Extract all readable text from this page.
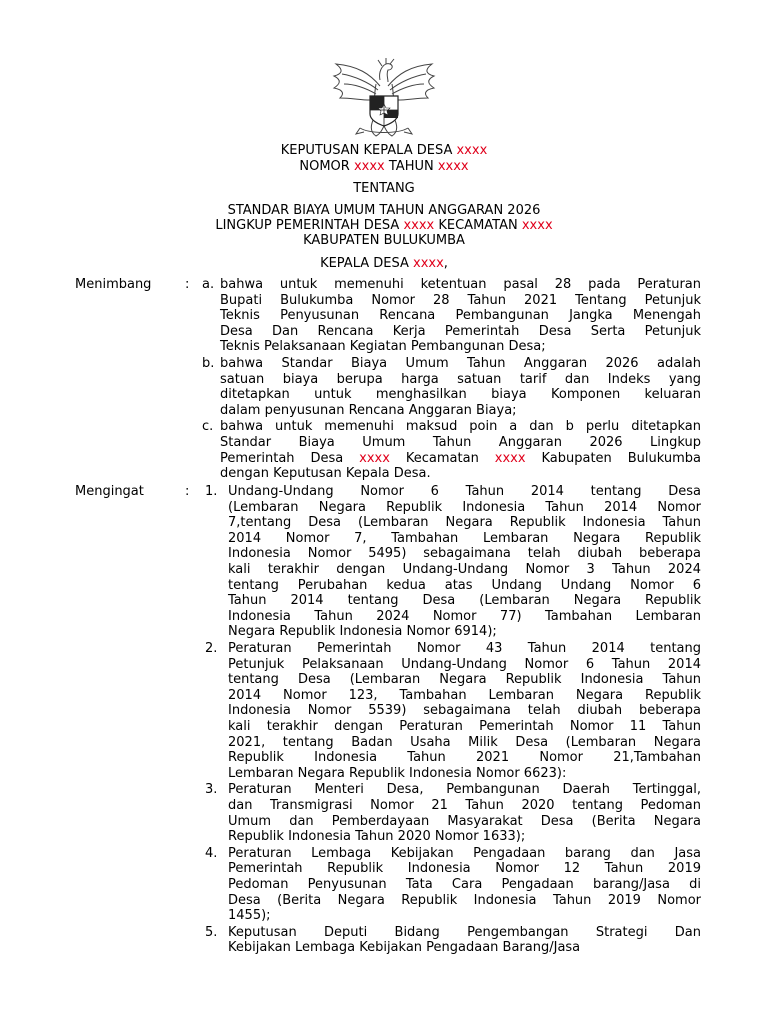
KEPUTUSAN KEPALA DESA xxxx
NOMOR xxxx TAHUN xxxx
TENTANG
STANDAR BIAYA UMUM TAHUN ANGGARAN 2026
LINGKUP PEMERINTAH DESA xxxx KECAMATAN xxxx
KABUPATEN BULUKUMBA
KEPALA DESA xxxx,
Menimbang	: a. bahwa untuk memenuhi ketentuan pasal 28 pada Peraturan
Bupati Bulukumba Nomor 28 Tahun 2021 Tentang Petunjuk
Teknis Penyusunan Rencana Pembangunan Jangka Menengah
Desa Dan Rencana Kerja Pemerintah Desa Serta Petunjuk
Teknis Pelaksanaan Kegiatan Pembangunan Desa;
b. bahwa Standar Biaya Umum Tahun Anggaran 2026 adalah
satuan biaya berupa harga satuan tarif dan Indeks yang
ditetapkan untuk menghasilkan biaya Komponen keluaran
dalam penyusunan Rencana Anggaran Biaya;
c. bahwa untuk memenuhi maksud poin a dan b perlu ditetapkan
Standar Biaya Umum Tahun Anggaran 2026 Lingkup
Pemerintah Desa xxxx Kecamatan xxxx Kabupaten Bulukumba
dengan Keputusan Kepala Desa.
Mengingat	: 1. Undang-Undang Nomor 6 Tahun 2014 tentang Desa
(Lembaran Negara Republik Indonesia Tahun 2014 Nomor
7,tentang Desa (Lembaran Negara Republik Indonesia Tahun
2014 Nomor 7, Tambahan Lembaran Negara Republik
Indonesia Nomor 5495) sebagaimana telah diubah beberapa
kali terakhir dengan Undang-Undang Nomor 3 Tahun 2024
tentang Perubahan kedua atas Undang Undang Nomor 6
Tahun 2014 tentang Desa (Lembaran Negara Republik
Indonesia Tahun 2024 Nomor 77) Tambahan Lembaran
Negara Republik Indonesia Nomor 6914);
2. Peraturan Pemerintah Nomor 43 Tahun 2014 tentang
Petunjuk Pelaksanaan Undang-Undang Nomor 6 Tahun 2014
tentang Desa (Lembaran Negara Republik Indonesia Tahun
2014 Nomor 123, Tambahan Lembaran Negara Republik
Indonesia Nomor 5539) sebagaimana telah diubah beberapa
kali terakhir dengan Peraturan Pemerintah Nomor 11 Tahun
2021, tentang Badan Usaha Milik Desa (Lembaran Negara
Republik Indonesia Tahun 2021 Nomor 21,Tambahan
Lembaran Negara Republik Indonesia Nomor 6623):
3. Peraturan Menteri Desa, Pembangunan Daerah Tertinggal,
dan Transmigrasi Nomor 21 Tahun 2020 tentang Pedoman
Umum dan Pemberdayaan Masyarakat Desa (Berita Negara
Republik Indonesia Tahun 2020 Nomor 1633);
4. Peraturan Lembaga Kebijakan Pengadaan barang dan Jasa
Pemerintah Republik Indonesia Nomor 12 Tahun 2019
Pedoman Penyusunan Tata Cara Pengadaan barang/Jasa di
Desa (Berita Negara Republik Indonesia Tahun 2019 Nomor
1455);
5. Keputusan Deputi Bidang Pengembangan Strategi Dan
Kebijakan Lembaga Kebijakan Pengadaan Barang/Jasa
